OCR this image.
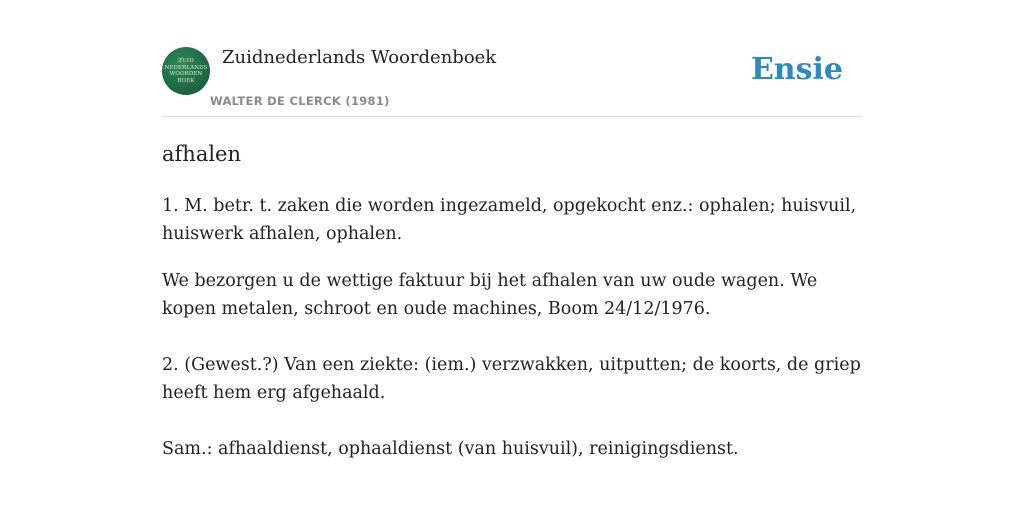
ZUID
NEDERLANDS
WOORDEN
BOEK
Zuidnederlands Woordenboek
WALTER DE CLERCK (1981)
Ensie
afhalen

1. M. betr. t. zaken die worden ingezameld, opgekocht enz.: ophalen; huisvuil, huiswerk afhalen, ophalen.

We bezorgen u de wettige faktuur bij het afhalen van uw oude wagen. We kopen metalen, schroot en oude machines, Boom 24/12/1976.

2. (Gewest.?) Van een ziekte: (iem.) verzwakken, uitputten; de koorts, de griep heeft hem erg afgehaald.

Sam.: afhaaldienst, ophaaldienst (van huisvuil), reinigingsdienst.
